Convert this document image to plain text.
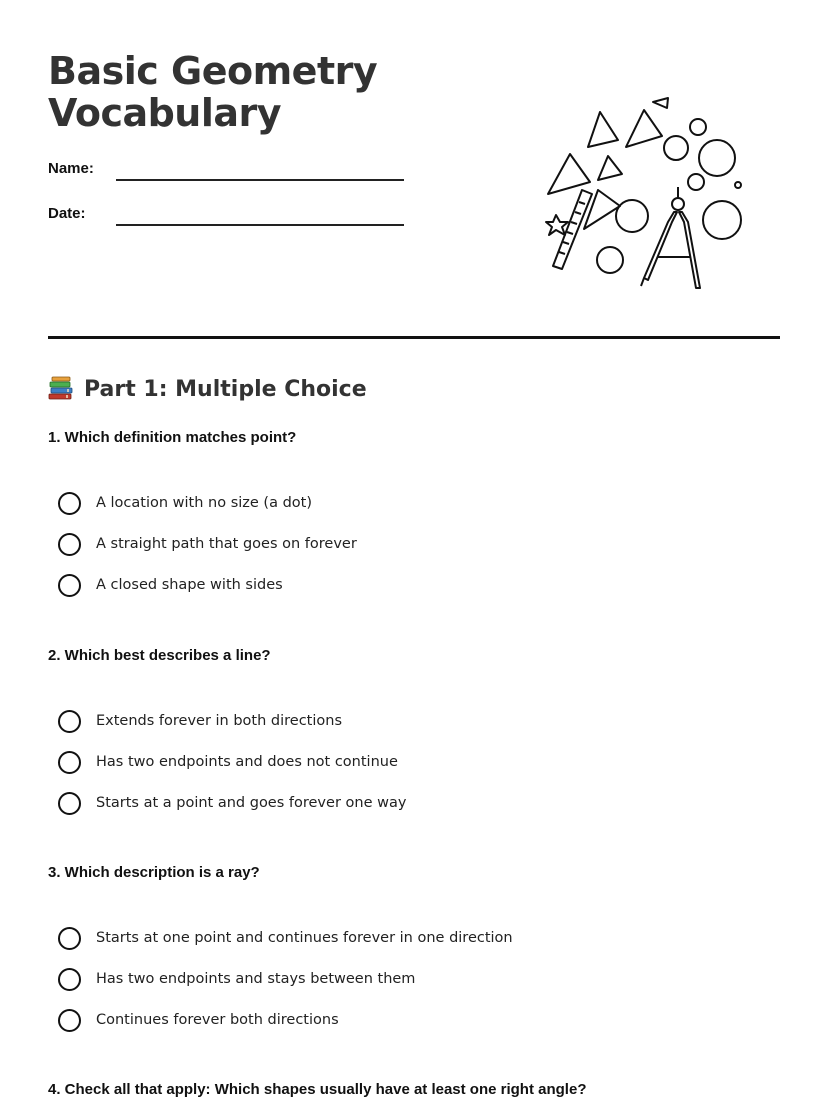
Basic Geometry
Vocabulary
Name:
Date:
Part 1: Multiple Choice

1. Which definition matches point?

A location with no size (a dot)
A straight path that goes on forever
A closed shape with sides

2. Which best describes a line?

Extends forever in both directions
Has two endpoints and does not continue
Starts at a point and goes forever one way

3. Which description is a ray?

Starts at one point and continues forever in one direction
Has two endpoints and stays between them
Continues forever both directions

4. Check all that apply: Which shapes usually have at least one right angle?
